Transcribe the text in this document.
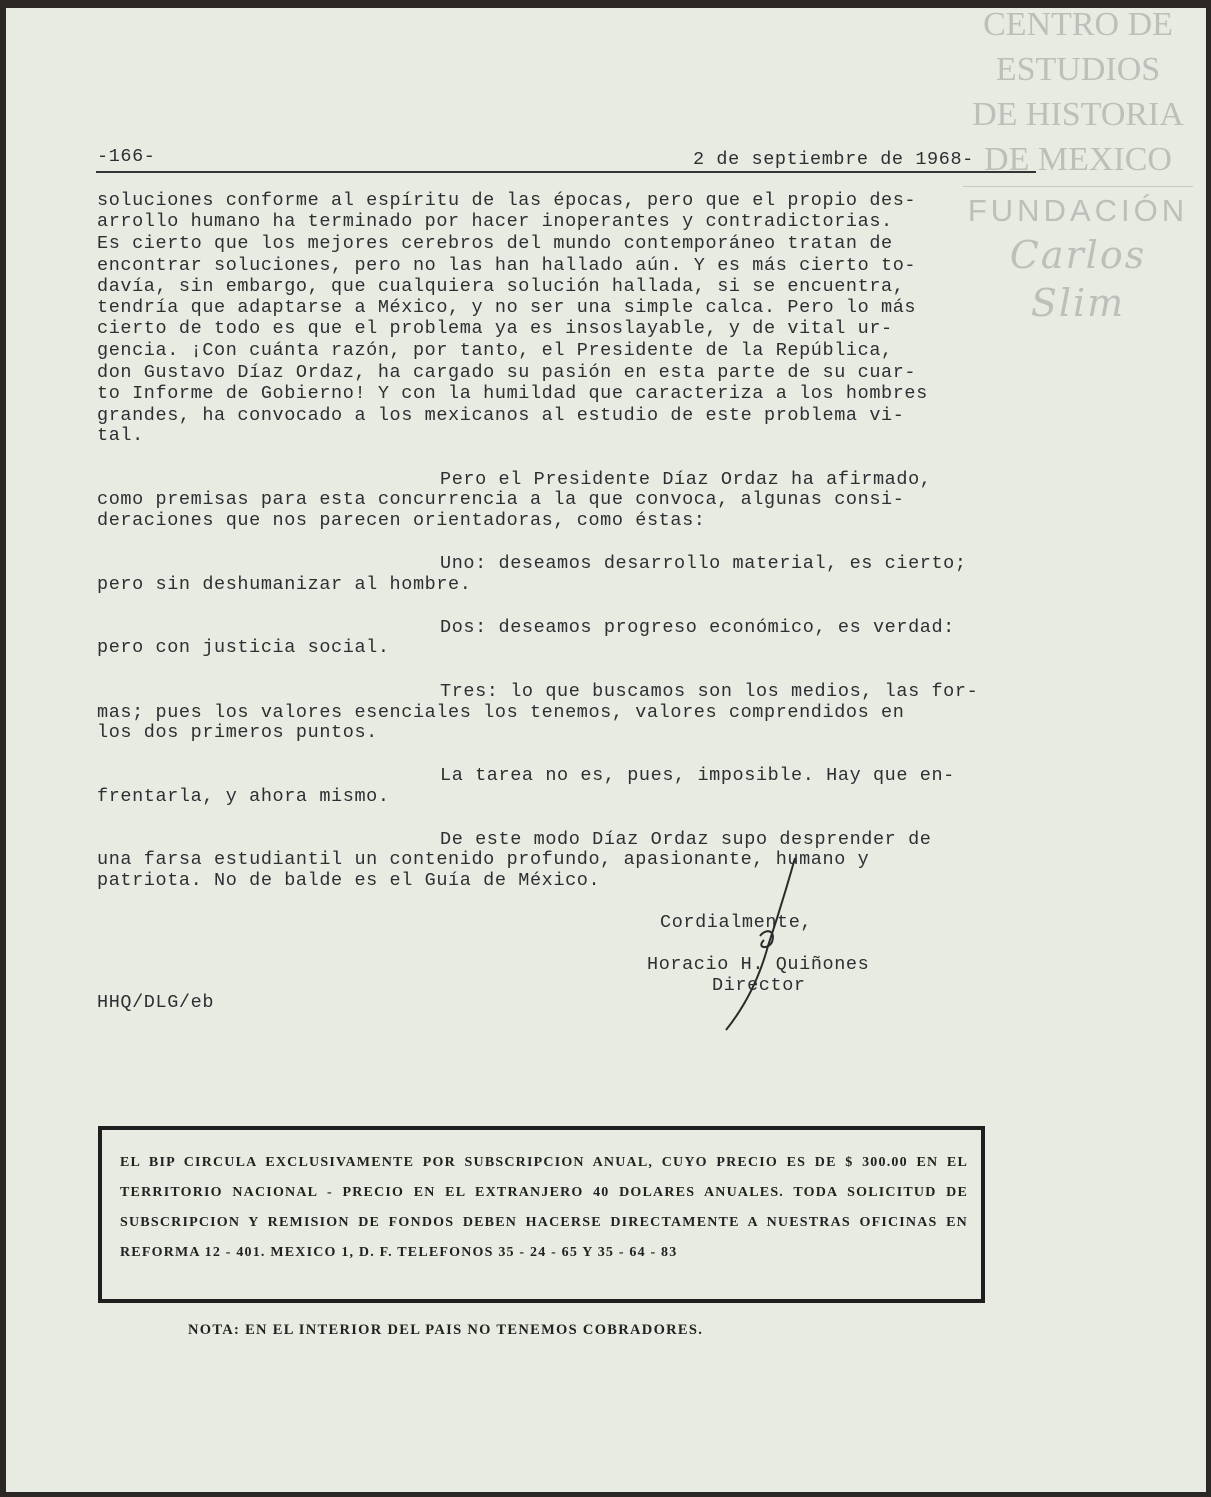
CENTRO DE
ESTUDIOS
DE HISTORIA
DE MEXICO
FUNDACIÓN
Carlos Slim
-166-	2 de septiembre de 1968-
soluciones conforme al espíritu de las épocas, pero que el propio des-
arrollo humano ha terminado por hacer inoperantes y contradictorias.
Es cierto que los mejores cerebros del mundo contemporáneo tratan de
encontrar soluciones, pero no las han hallado aún. Y es más cierto to-
davía, sin embargo, que cualquiera solución hallada, si se encuentra,
tendría que adaptarse a México, y no ser una simple calca. Pero lo más
cierto de todo es que el problema ya es insoslayable, y de vital ur-
gencia. ¡Con cuánta razón, por tanto, el Presidente de la República,
don Gustavo Díaz Ordaz, ha cargado su pasión en esta parte de su cuar-
to Informe de Gobierno! Y con la humildad que caracteriza a los hombres
grandes, ha convocado a los mexicanos al estudio de este problema vi-
tal.
Pero el Presidente Díaz Ordaz ha afirmado,
como premisas para esta concurrencia a la que convoca, algunas consi-
deraciones que nos parecen orientadoras, como éstas:
Uno: deseamos desarrollo material, es cierto;
pero sin deshumanizar al hombre.
Dos: deseamos progreso económico, es verdad:
pero con justicia social.
Tres: lo que buscamos son los medios, las for-
mas; pues los valores esenciales los tenemos, valores comprendidos en
los dos primeros puntos.
La tarea no es, pues, imposible. Hay que en-
frentarla, y ahora mismo.
De este modo Díaz Ordaz supo desprender de
una farsa estudiantil un contenido profundo, apasionante, humano y
patriota. No de balde es el Guía de México.
Cordialmente,
Horacio H. Quiñones
Director
HHQ/DLG/eb
EL BIP CIRCULA EXCLUSIVAMENTE POR SUBSCRIPCION ANUAL, CUYO PRECIO ES DE $ 300.00 EN EL TERRITORIO NACIONAL - PRECIO EN EL EXTRANJERO 40 DOLARES ANUALES. TODA SOLICITUD DE SUBSCRIPCION Y REMISION DE FONDOS DEBEN HACERSE DIRECTAMENTE A NUESTRAS OFICINAS EN REFORMA 12 - 401. MEXICO 1, D. F. TELEFONOS 35 - 24 - 65 Y 35 - 64 - 83
NOTA: EN EL INTERIOR DEL PAIS NO TENEMOS COBRADORES.
